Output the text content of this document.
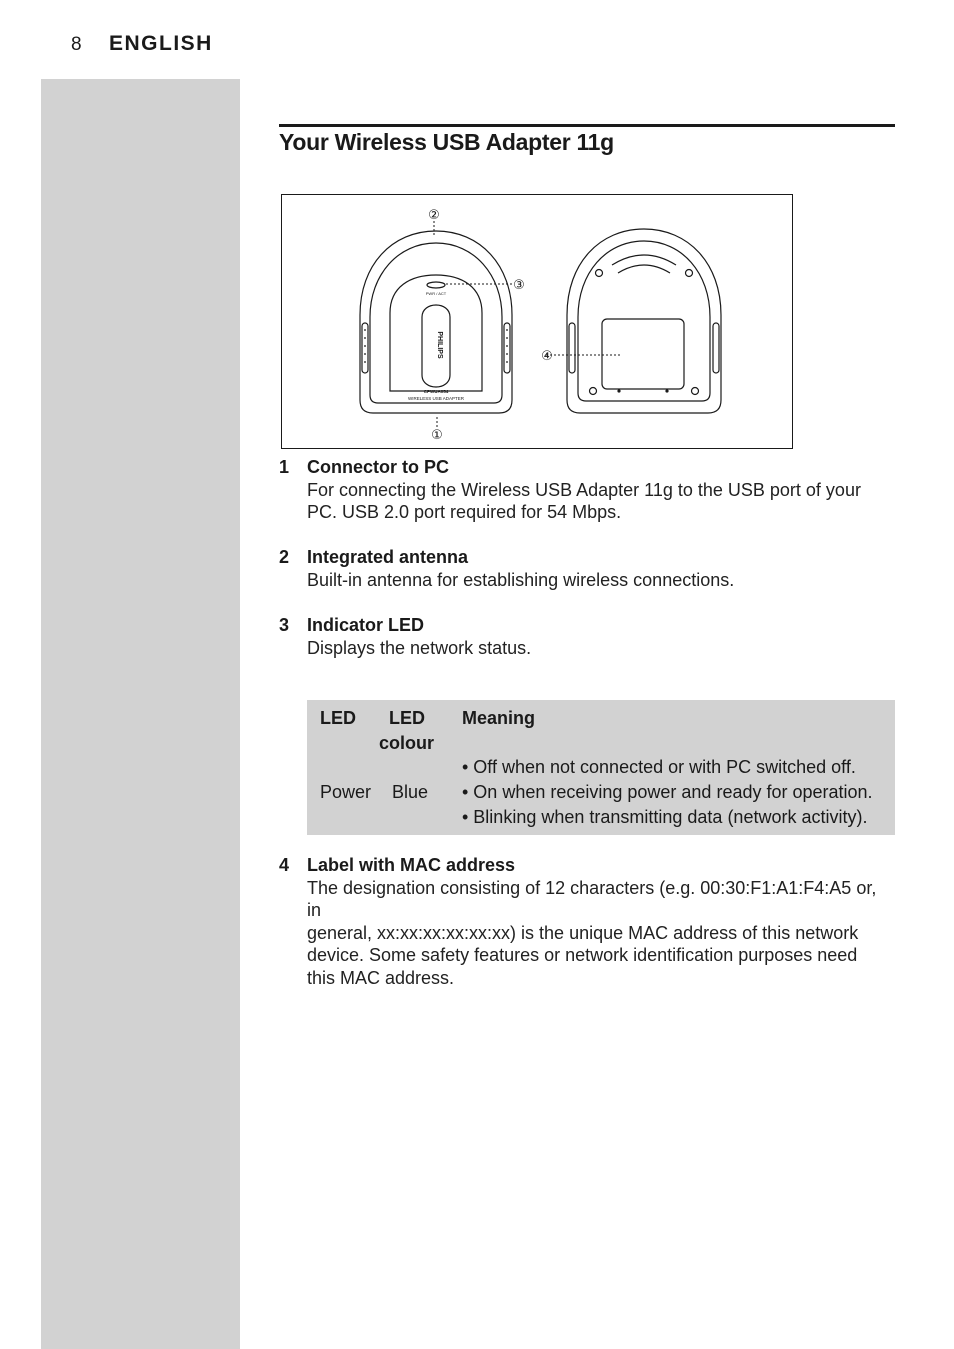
8 ENGLISH
Your Wireless USB Adapter 11g
②
③
④
①
PWR / ACT
CPWUA054
WIRELESS USB ADAPTER
PHILIPS
1 Connector to PC
For connecting the Wireless USB Adapter 11g to the USB port of your
PC. USB 2.0 port required for 54 Mbps.
2 Integrated antenna
Built-in antenna for establishing wireless connections.
3 Indicator LED
Displays the network status.
LED LED
colour
Meaning
Power Blue
• Off when not connected or with PC switched off.
• On when receiving power and ready for operation.
• Blinking when transmitting data (network activity).
4 Label with MAC address
The designation consisting of 12 characters (e.g. 00:30:F1:A1:F4:A5 or, in
general, xx:xx:xx:xx:xx:xx) is the unique MAC address of this network
device. Some safety features or network identification purposes need
this MAC address.
